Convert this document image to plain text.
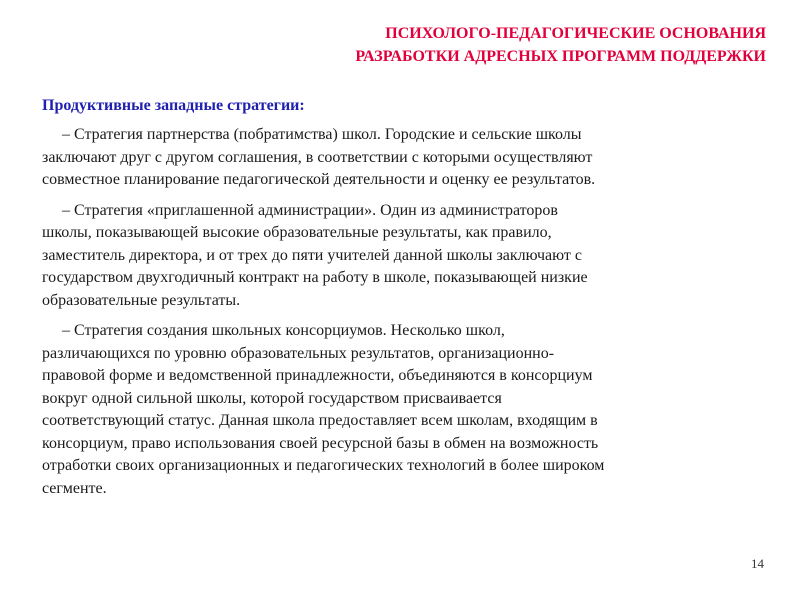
ПСИХОЛОГО-ПЕДАГОГИЧЕСКИЕ ОСНОВАНИЯ
РАЗРАБОТКИ АДРЕСНЫХ ПРОГРАММ ПОДДЕРЖКИ
Продуктивные западные стратегии:
– Стратегия партнерства (побратимства) школ. Городские и сельские школы
заключают друг с другом соглашения, в соответствии с которыми осуществляют
совместное планирование педагогической деятельности и оценку ее результатов.
– Стратегия «приглашенной администрации». Один из администраторов
школы, показывающей высокие образовательные результаты, как правило,
заместитель директора, и от трех до пяти учителей данной школы заключают с
государством двухгодичный контракт на работу в школе, показывающей низкие
образовательные результаты.
– Стратегия создания школьных консорциумов. Несколько школ,
различающихся по уровню образовательных результатов, организационно-
правовой форме и ведомственной принадлежности, объединяются в консорциум
вокруг одной сильной школы, которой государством присваивается
соответствующий статус. Данная школа предоставляет всем школам, входящим в
консорциум, право использования своей ресурсной базы в обмен на возможность
отработки своих организационных и педагогических технологий в более широком
сегменте.
14
